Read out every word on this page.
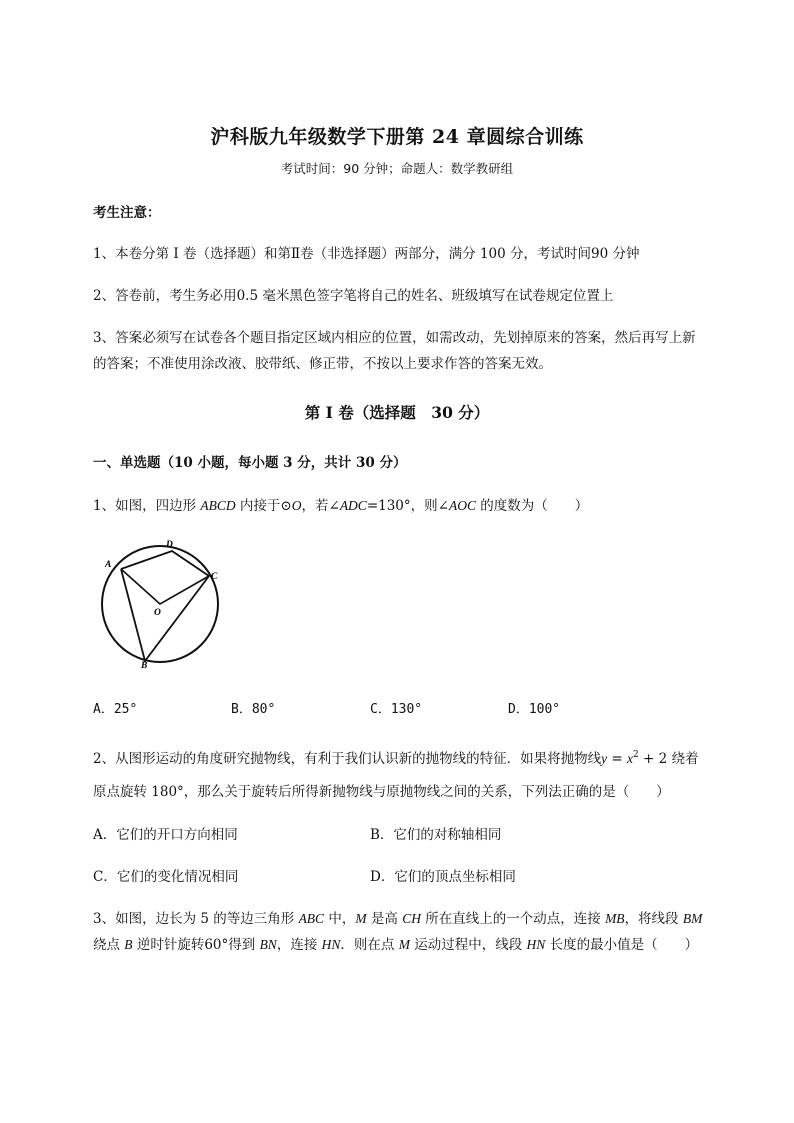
沪科版九年级数学下册第 24 章圆综合训练
考试时间：90 分钟；命题人：数学教研组
考生注意：
1、本卷分第 I 卷（选择题）和第Ⅱ卷（非选择题）两部分，满分 100 分，考试时间90 分钟
2、答卷前，考生务必用0.5 毫米黑色签字笔将自己的姓名、班级填写在试卷规定位置上
3、答案必须写在试卷各个题目指定区域内相应的位置，如需改动，先划掉原来的答案，然后再写上新
的答案；不准使用涂改液、胶带纸、修正带，不按以上要求作答的答案无效。
第 I 卷（选择题　30 分）
一、单选题（10 小题，每小题 3 分，共计 30 分）
1、如图，四边形 ABCD 内接于⊙O，若∠ADC=130°，则∠AOC 的度数为（　　）
A
D
C
O
B
A．25°	B．80°	C．130°	D．100°
2、从图形运动的角度研究抛物线，有利于我们认识新的抛物线的特征．如果将抛物线$y = x^2 + 2$ 绕着
原点旋转 180°，那么关于旋转后所得新抛物线与原抛物线之间的关系，下列法正确的是（　　）
A．它们的开口方向相同	B．它们的对称轴相同
C．它们的变化情况相同	D．它们的顶点坐标相同
3、如图，边长为 5 的等边三角形 ABC 中，M 是高 CH 所在直线上的一个动点，连接 MB，将线段 BM
绕点 B 逆时针旋转60°得到 BN，连接 HN．则在点 M 运动过程中，线段 HN 长度的最小值是（　　）
